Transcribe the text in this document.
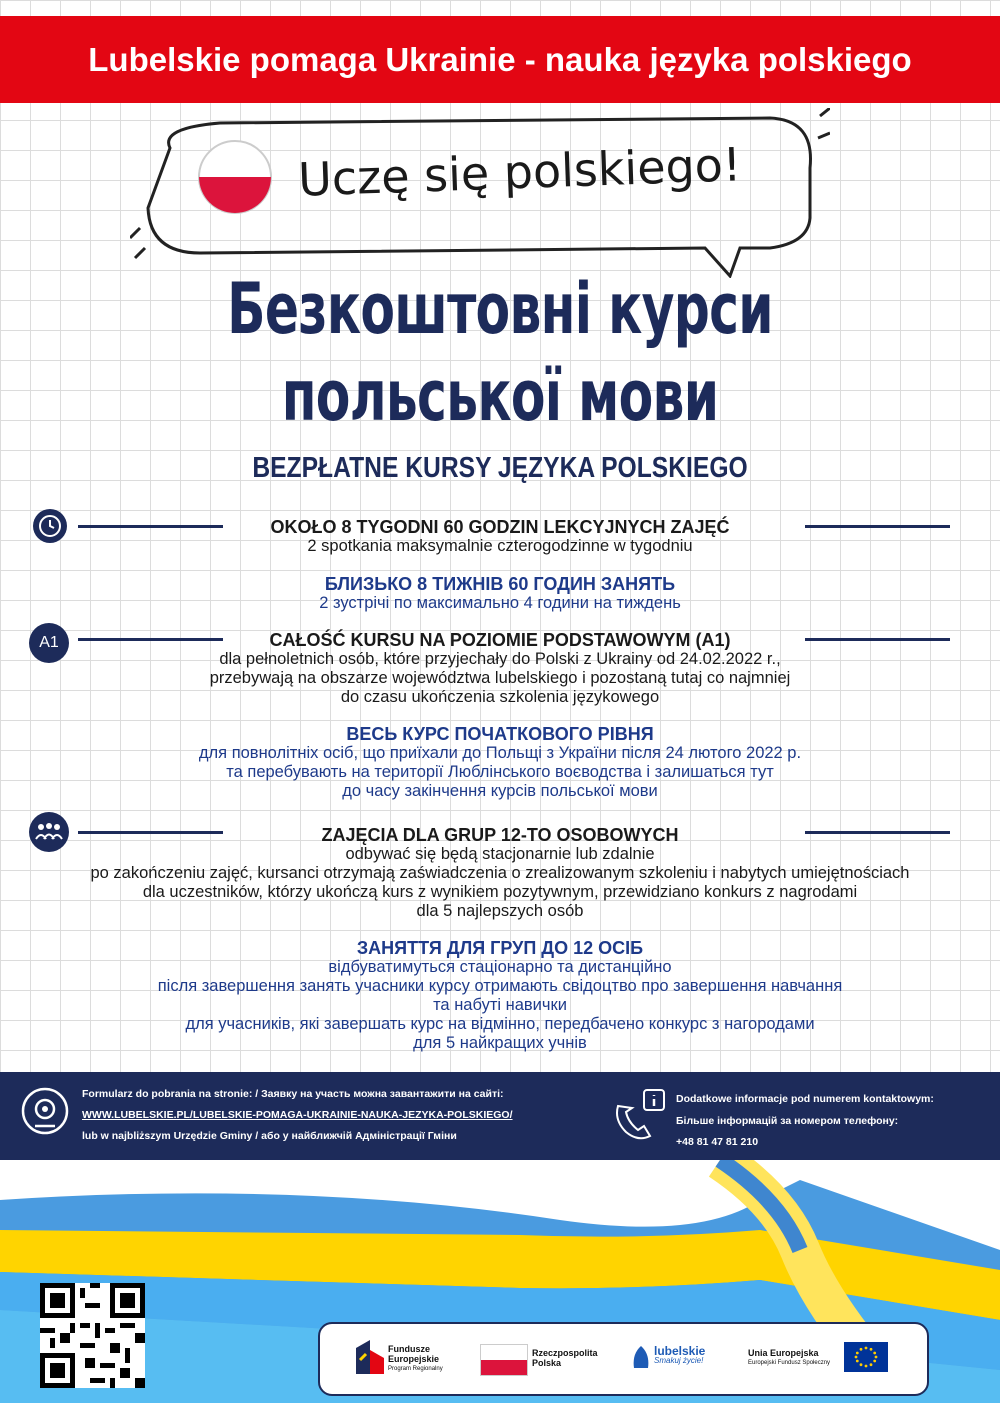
Lubelskie pomaga Ukrainie - nauka języka polskiego
Uczę się polskiego!
Безкоштовні курси
польської мови
BEZPŁATNE KURSY JĘZYKA POLSKIEGO
OKOŁO 8 TYGODNI 60 GODZIN LEKCYJNYCH ZAJĘĆ
2 spotkania maksymalnie czterogodzinne w tygodniu
БЛИЗЬКО 8 ТИЖНІВ 60 ГОДИН ЗАНЯТЬ
2 зустрічі по максимально 4 години на тиждень
A1	CAŁOŚĆ KURSU NA POZIOMIE PODSTAWOWYM (A1)
dla pełnoletnich osób, które przyjechały do Polski z Ukrainy od 24.02.2022 r.,
przebywają na obszarze województwa lubelskiego i pozostaną tutaj co najmniej
do czasu ukończenia szkolenia językowego
ВЕСЬ КУРС ПОЧАТКОВОГО РІВНЯ
для повнолітніх осіб, що приїхали до Польщі з України після 24 лютого 2022 р.
та перебувають на території Люблінського воєводства і залишаться тут
до часу закінчення курсів польської мови
ZAJĘCIA DLA GRUP 12-TO OSOBOWYCH
odbywać się będą stacjonarnie lub zdalnie
po zakończeniu zajęć, kursanci otrzymają zaświadczenia o zrealizowanym szkoleniu i nabytych umiejętnościach
dla uczestników, którzy ukończą kurs z wynikiem pozytywnym, przewidziano konkurs z nagrodami
dla 5 najlepszych osób
ЗАНЯТТЯ ДЛЯ ГРУП ДО 12 ОСІБ
відбуватимуться стаціонарно та дистанційно
після завершення занять учасники курсу отримають свідоцтво про завершення навчання
та набуті навички
для учасників, які завершать курс на відмінно, передбачено конкурс з нагородами
для 5 найкращих учнів
Formularz do pobrania na stronie: / Заявку на участь можна завантажити на сайті:
WWW.LUBELSKIE.PL/LUBELSKIE-POMAGA-UKRAINIE-NAUKA-JEZYKA-POLSKIEGO/
lub w najbliższym Urzędzie Gminy / або у найближчій Адміністрації Гміни
Dodatkowe informacje pod numerem kontaktowym:
Більше інформацій за номером телефону:
+48 81 47 81 210
Fundusze
Europejskie
Program Regionalny
Rzeczpospolita
Polska
lubelskie
Smakuj życie!
Unia Europejska
Europejski Fundusz Społeczny
